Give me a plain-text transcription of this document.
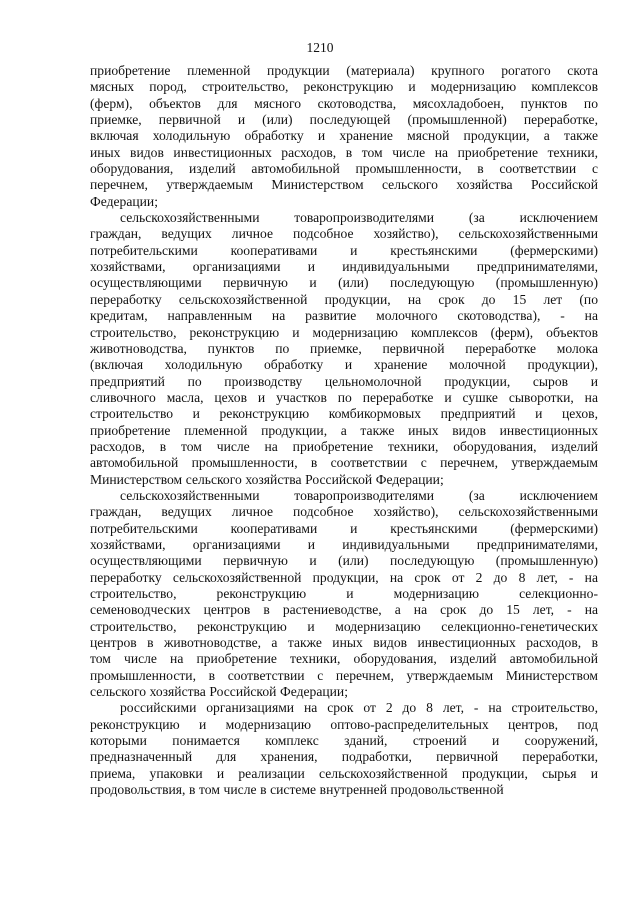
1210
приобретение племенной продукции (материала) крупного рогатого скота
мясных пород, строительство, реконструкцию и модернизацию комплексов
(ферм), объектов для мясного скотоводства, мясохладобоен, пунктов по
приемке, первичной и (или) последующей (промышленной) переработке,
включая холодильную обработку и хранение мясной продукции, а также
иных видов инвестиционных расходов, в том числе на приобретение техники,
оборудования, изделий автомобильной промышленности, в соответствии с
перечнем, утверждаемым Министерством сельского хозяйства Российской
Федерации;
сельскохозяйственными товаропроизводителями (за исключением
граждан, ведущих личное подсобное хозяйство), сельскохозяйственными
потребительскими кооперативами и крестьянскими (фермерскими)
хозяйствами, организациями и индивидуальными предпринимателями,
осуществляющими первичную и (или) последующую (промышленную)
переработку сельскохозяйственной продукции, на срок до 15 лет (по
кредитам, направленным на развитие молочного скотоводства), - на
строительство, реконструкцию и модернизацию комплексов (ферм), объектов
животноводства, пунктов по приемке, первичной переработке молока
(включая холодильную обработку и хранение молочной продукции),
предприятий по производству цельномолочной продукции, сыров и
сливочного масла, цехов и участков по переработке и сушке сыворотки, на
строительство и реконструкцию комбикормовых предприятий и цехов,
приобретение племенной продукции, а также иных видов инвестиционных
расходов, в том числе на приобретение техники, оборудования, изделий
автомобильной промышленности, в соответствии с перечнем, утверждаемым
Министерством сельского хозяйства Российской Федерации;
сельскохозяйственными товаропроизводителями (за исключением
граждан, ведущих личное подсобное хозяйство), сельскохозяйственными
потребительскими кооперативами и крестьянскими (фермерскими)
хозяйствами, организациями и индивидуальными предпринимателями,
осуществляющими первичную и (или) последующую (промышленную)
переработку сельскохозяйственной продукции, на срок от 2 до 8 лет, - на
строительство, реконструкцию и модернизацию селекционно-
семеноводческих центров в растениеводстве, а на срок до 15 лет, - на
строительство, реконструкцию и модернизацию селекционно-генетических
центров в животноводстве, а также иных видов инвестиционных расходов, в
том числе на приобретение техники, оборудования, изделий автомобильной
промышленности, в соответствии с перечнем, утверждаемым Министерством
сельского хозяйства Российской Федерации;
российскими организациями на срок от 2 до 8 лет, - на строительство,
реконструкцию и модернизацию оптово-распределительных центров, под
которыми понимается комплекс зданий, строений и сооружений,
предназначенный для хранения, подработки, первичной переработки,
приема, упаковки и реализации сельскохозяйственной продукции, сырья и
продовольствия, в том числе в системе внутренней продовольственной
